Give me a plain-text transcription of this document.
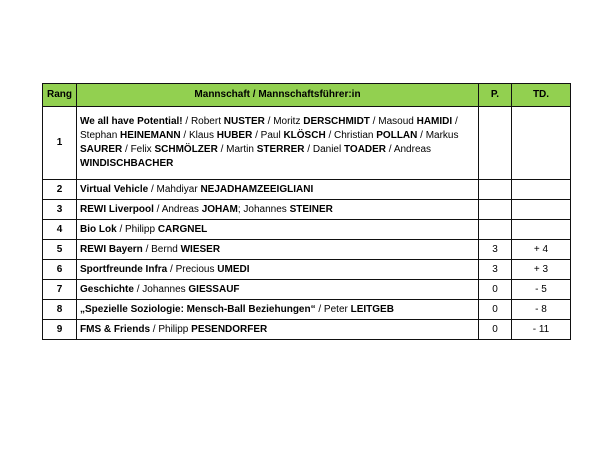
Rang	Mannschaft / Mannschaftsführer:in	P.	TD.
1	We all have Potential! / Robert NUSTER / Moritz DERSCHMIDT / Masoud HAMIDI / Stephan HEINEMANN / Klaus HUBER / Paul KLÖSCH / Christian POLLAN / Markus SAURER / Felix SCHMÖLZER / Martin STERRER / Daniel TOADER / Andreas WINDISCHBACHER		
2	Virtual Vehicle / Mahdiyar NEJADHAMZEEIGLIANI		
3	REWI Liverpool / Andreas JOHAM; Johannes STEINER		
4	Bio Lok / Philipp CARGNEL		
5	REWI Bayern / Bernd WIESER	3	+ 4
6	Sportfreunde Infra / Precious UMEDI	3	+ 3
7	Geschichte / Johannes GIESSAUF	0	- 5
8	„Spezielle Soziologie: Mensch-Ball Beziehungen“ / Peter LEITGEB	0	- 8
9	FMS & Friends / Philipp PESENDORFER	0	- 11
